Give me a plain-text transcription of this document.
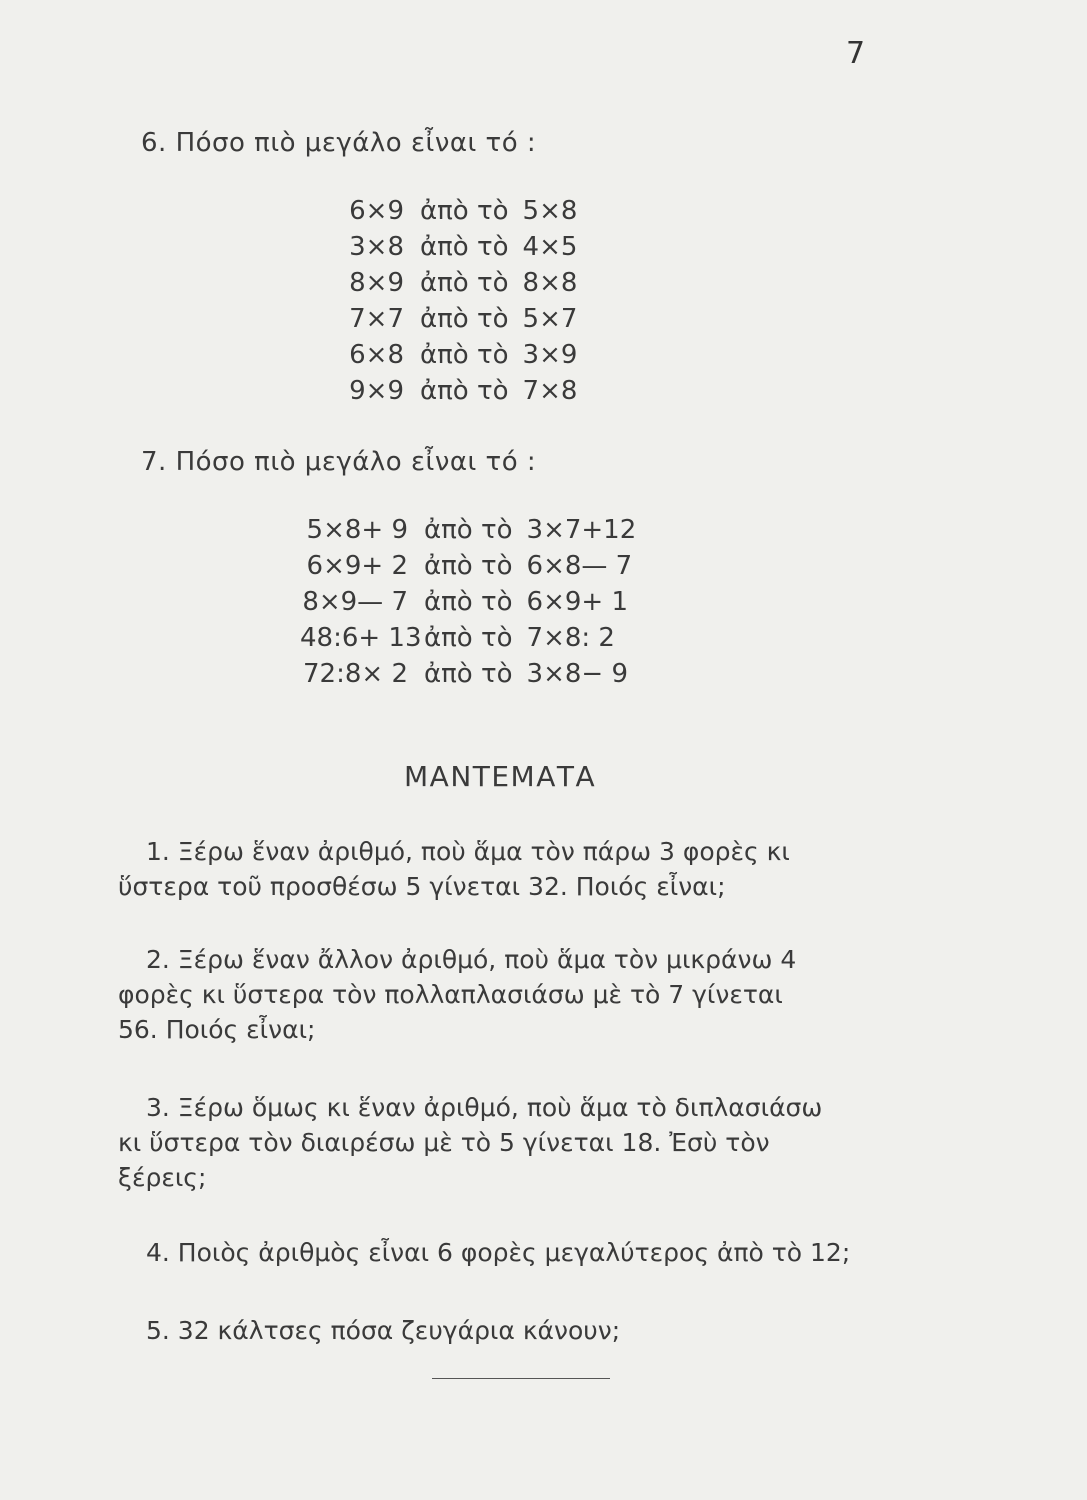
7
6. Πόσο πιὸ μεγάλο εἶναι τό :
6×9 ἀπὸ τὸ 5×8
3×8 ἀπὸ τὸ 4×5
8×9 ἀπὸ τὸ 8×8
7×7 ἀπὸ τὸ 5×7
6×8 ἀπὸ τὸ 3×9
9×9 ἀπὸ τὸ 7×8
7. Πόσο πιὸ μεγάλο εἶναι τό :
5×8+ 9 ἀπὸ τὸ 3×7+12
6×9+ 2 ἀπὸ τὸ 6×8— 7
8×9— 7 ἀπὸ τὸ 6×9+ 1
48:6+ 13 ἀπὸ τὸ 7×8: 2
72:8× 2 ἀπὸ τὸ 3×8− 9
ΜΑΝΤΕΜΑΤΑ
1. Ξέρω ἕναν ἀριθμό, ποὺ ἅμα τὸν πάρω 3 φορὲς κι
ὕστερα τοῦ προσθέσω 5 γίνεται 32. Ποιός εἶναι;
2. Ξέρω ἕναν ἄλλον ἀριθμό, ποὺ ἅμα τὸν μικράνω 4
φορὲς κι ὕστερα τὸν πολλαπλασιάσω μὲ τὸ 7 γίνεται
56. Ποιός εἶναι;
3. Ξέρω ὅμως κι ἕναν ἀριθμό, ποὺ ἅμα τὸ διπλασιάσω
κι ὕστερα τὸν διαιρέσω μὲ τὸ 5 γίνεται 18. Ἐσὺ τὸν
ξέρεις;
4. Ποιὸς ἀριθμὸς εἶναι 6 φορὲς μεγαλύτερος ἀπὸ τὸ 12;
5. 32 κάλτσες πόσα ζευγάρια κάνουν;
